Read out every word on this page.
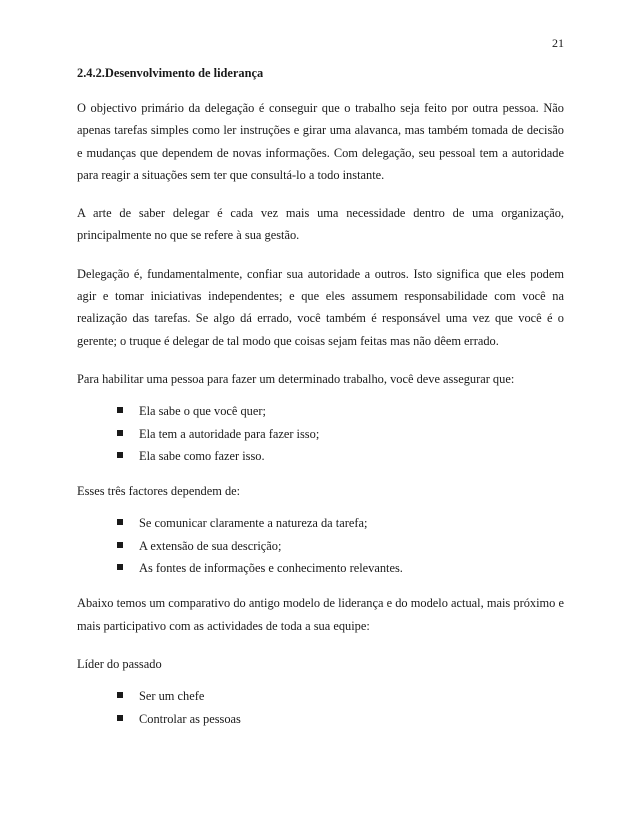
21
2.4.2.Desenvolvimento de liderança

O objectivo primário da delegação é conseguir que o trabalho seja feito por outra pessoa. Não apenas tarefas simples como ler instruções e girar uma alavanca, mas também tomada de decisão e mudanças que dependem de novas informações. Com delegação, seu pessoal tem a autoridade para reagir a situações sem ter que consultá-lo a todo instante.

A arte de saber delegar é cada vez mais uma necessidade dentro de uma organização, principalmente no que se refere à sua gestão.

Delegação é, fundamentalmente, confiar sua autoridade a outros. Isto significa que eles podem agir e tomar iniciativas independentes; e que eles assumem responsabilidade com você na realização das tarefas. Se algo dá errado, você também é responsável uma vez que você é o gerente; o truque é delegar de tal modo que coisas sejam feitas mas não dêem errado.

Para habilitar uma pessoa para fazer um determinado trabalho, você deve assegurar que:

Ela sabe o que você quer;
Ela tem a autoridade para fazer isso;
Ela sabe como fazer isso.

Esses três factores dependem de:

Se comunicar claramente a natureza da tarefa;
A extensão de sua descrição;
As fontes de informações e conhecimento relevantes.

Abaixo temos um comparativo do antigo modelo de liderança e do modelo actual, mais próximo e mais participativo com as actividades de toda a sua equipe:

Líder do passado

Ser um chefe
Controlar as pessoas
